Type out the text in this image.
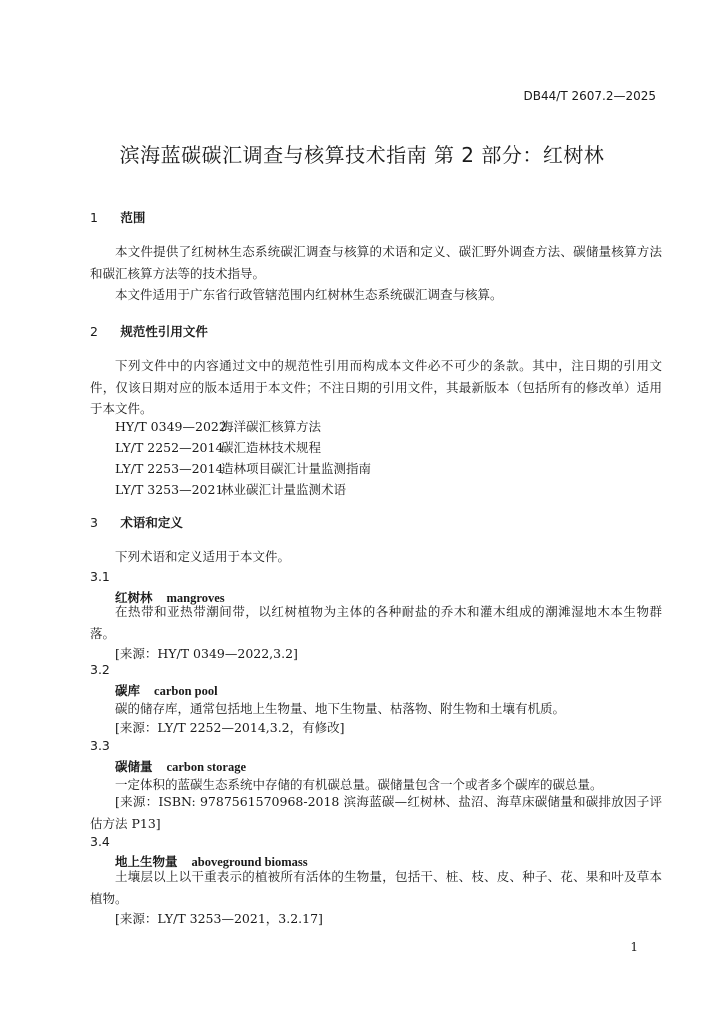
DB44/T 2607.2—2025
滨海蓝碳碳汇调查与核算技术指南 第 2 部分：红树林
1 范围
本文件提供了红树林生态系统碳汇调查与核算的术语和定义、碳汇野外调查方法、碳储量核算方法和碳汇核算方法等的技术指导。
本文件适用于广东省行政管辖范围内红树林生态系统碳汇调查与核算。
2 规范性引用文件
下列文件中的内容通过文中的规范性引用而构成本文件必不可少的条款。其中，注日期的引用文件，仅该日期对应的版本适用于本文件；不注日期的引用文件，其最新版本（包括所有的修改单）适用于本文件。
HY/T 0349—2022海洋碳汇核算方法
LY/T 2252—2014碳汇造林技术规程
LY/T 2253—2014造林项目碳汇计量监测指南
LY/T 3253—2021林业碳汇计量监测术语
3 术语和定义
下列术语和定义适用于本文件。
3.1
红树林 mangroves
在热带和亚热带潮间带，以红树植物为主体的各种耐盐的乔木和灌木组成的潮滩湿地木本生物群落。
[来源：HY/T 0349—2022,3.2]
3.2
碳库 carbon pool
碳的储存库，通常包括地上生物量、地下生物量、枯落物、附生物和土壤有机质。
[来源：LY/T 2252—2014,3.2，有修改]
3.3
碳储量 carbon storage
一定体积的蓝碳生态系统中存储的有机碳总量。碳储量包含一个或者多个碳库的碳总量。
[来源：ISBN: 9787561570968-2018 滨海蓝碳—红树林、盐沼、海草床碳储量和碳排放因子评估方法 P13]
3.4
地上生物量 aboveground biomass
土壤层以上以干重表示的植被所有活体的生物量，包括干、桩、枝、皮、种子、花、果和叶及草本植物。
[来源：LY/T 3253—2021，3.2.17]
1
